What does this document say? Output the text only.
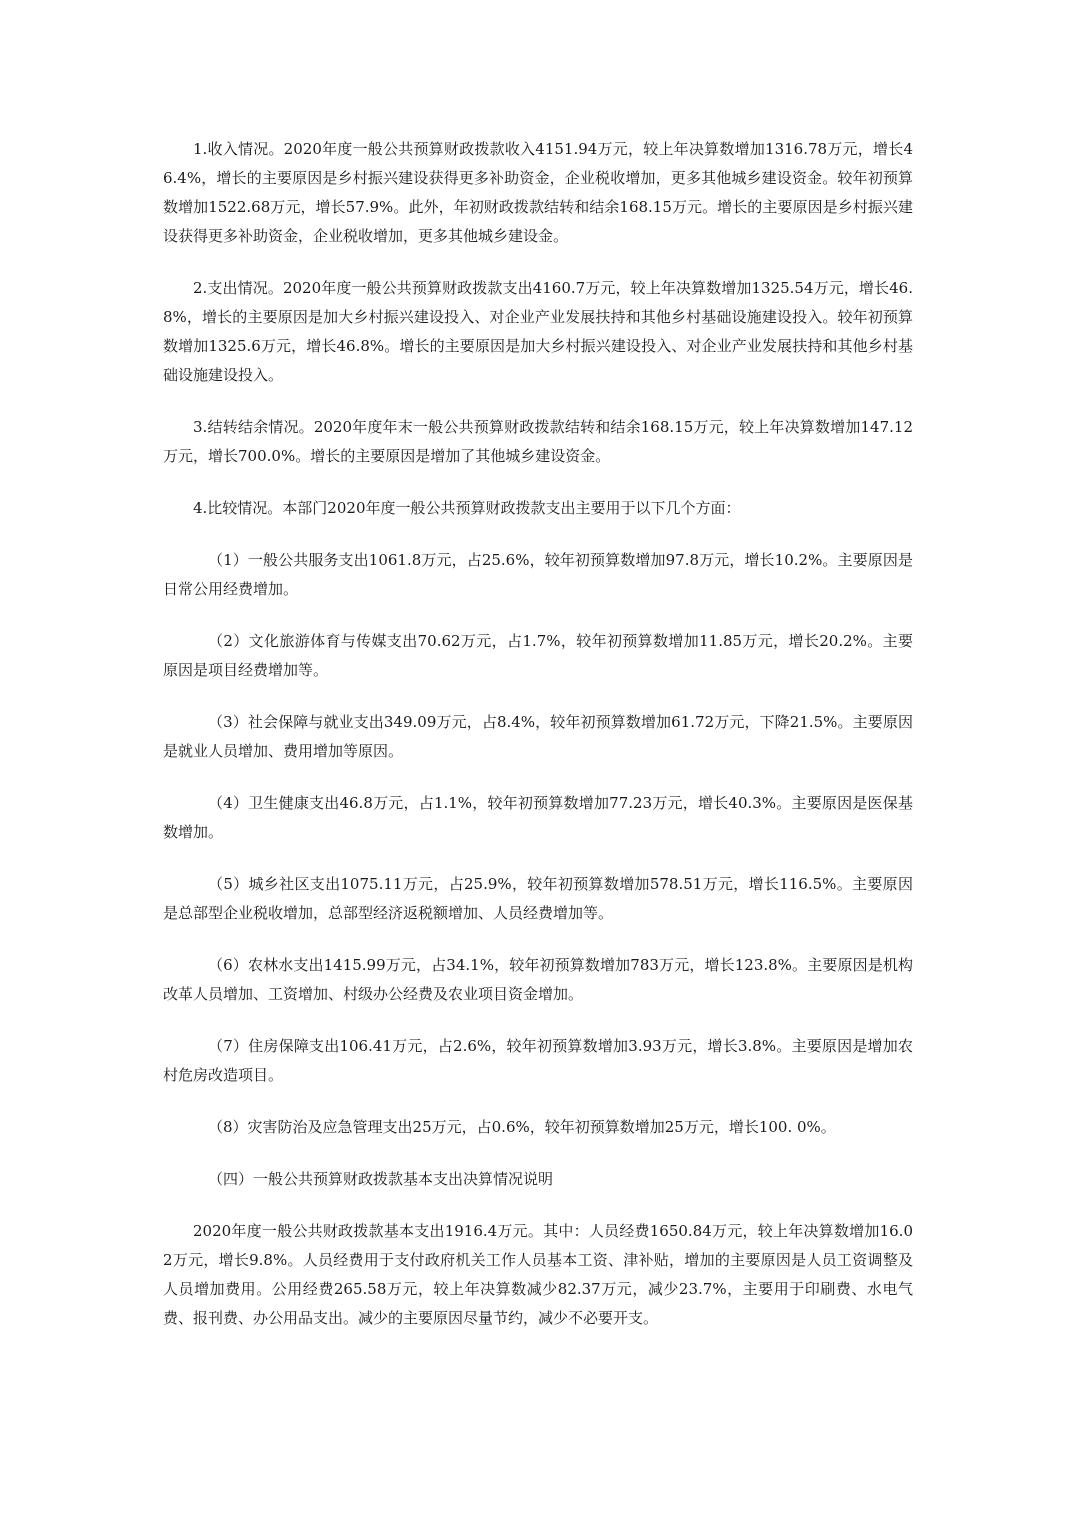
1.收入情况。2020年度一般公共预算财政拨款收入4151.94万元，较上年决算数增加1316.78万元，增长46.4%，增长的主要原因是乡村振兴建设获得更多补助资金，企业税收增加，更多其他城乡建设资金。较年初预算数增加1522.68万元，增长57.9%。此外，年初财政拨款结转和结余168.15万元。增长的主要原因是乡村振兴建设获得更多补助资金，企业税收增加，更多其他城乡建设金。

2.支出情况。2020年度一般公共预算财政拨款支出4160.7万元，较上年决算数增加1325.54万元，增长46.8%，增长的主要原因是加大乡村振兴建设投入、对企业产业发展扶持和其他乡村基础设施建设投入。较年初预算数增加1325.6万元，增长46.8%。增长的主要原因是加大乡村振兴建设投入、对企业产业发展扶持和其他乡村基础设施建设投入。

3.结转结余情况。2020年度年末一般公共预算财政拨款结转和结余168.15万元，较上年决算数增加147.12万元，增长700.0%。增长的主要原因是增加了其他城乡建设资金。

4.比较情况。本部门2020年度一般公共预算财政拨款支出主要用于以下几个方面：

（1）一般公共服务支出1061.8万元，占25.6%，较年初预算数增加97.8万元，增长10.2%。主要原因是日常公用经费增加。

（2）文化旅游体育与传媒支出70.62万元，占1.7%，较年初预算数增加11.85万元，增长20.2%。主要原因是项目经费增加等。

（3）社会保障与就业支出349.09万元，占8.4%，较年初预算数增加61.72万元，下降21.5%。主要原因是就业人员增加、费用增加等原因。

（4）卫生健康支出46.8万元，占1.1%，较年初预算数增加77.23万元，增长40.3%。主要原因是医保基数增加。

（5）城乡社区支出1075.11万元，占25.9%，较年初预算数增加578.51万元，增长116.5%。主要原因是总部型企业税收增加，总部型经济返税额增加、人员经费增加等。

（6）农林水支出1415.99万元，占34.1%，较年初预算数增加783万元，增长123.8%。主要原因是机构改革人员增加、工资增加、村级办公经费及农业项目资金增加。

（7）住房保障支出106.41万元，占2.6%，较年初预算数增加3.93万元，增长3.8%。主要原因是增加农村危房改造项目。

（8）灾害防治及应急管理支出25万元，占0.6%，较年初预算数增加25万元，增长100. 0%。

（四）一般公共预算财政拨款基本支出决算情况说明

2020年度一般公共财政拨款基本支出1916.4万元。其中：人员经费1650.84万元，较上年决算数增加16.02万元，增长9.8%。人员经费用于支付政府机关工作人员基本工资、津补贴，增加的主要原因是人员工资调整及人员增加费用。公用经费265.58万元，较上年决算数减少82.37万元，减少23.7%，主要用于印刷费、水电气费、报刊费、办公用品支出。减少的主要原因尽量节约，减少不必要开支。
